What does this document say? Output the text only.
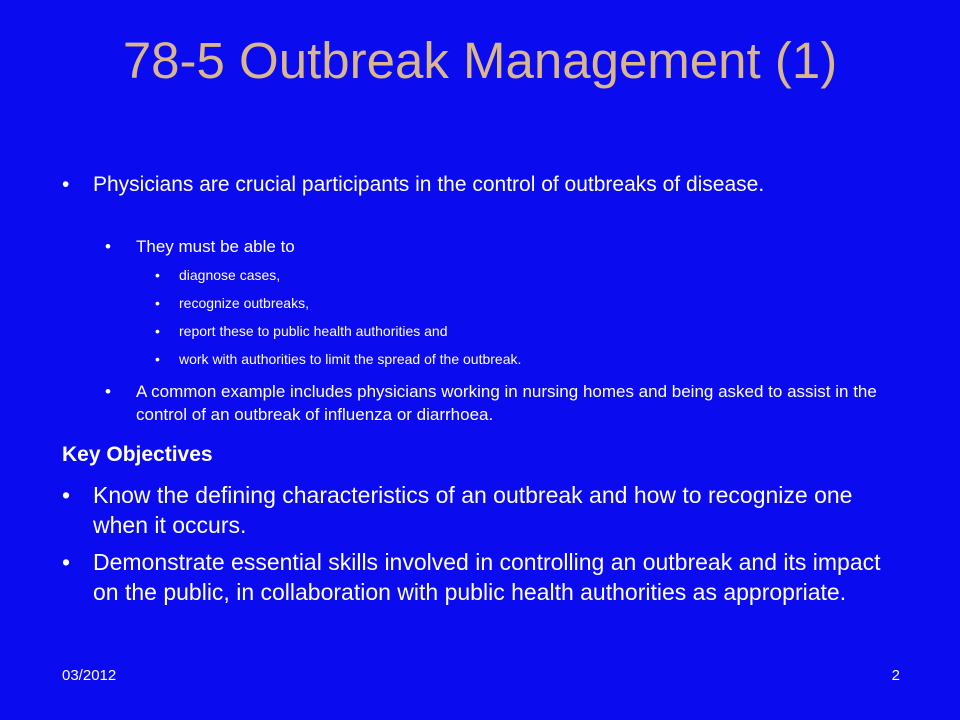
78-5 Outbreak Management (1)
•	Physicians are crucial participants in the control of outbreaks of disease.
•	They must be able to
•	diagnose cases,
•	recognize outbreaks,
•	report these to public health authorities and
•	work with authorities to limit the spread of the outbreak.
•	A common example includes physicians working in nursing homes and being asked to assist in the control of an outbreak of influenza or diarrhoea.
Key Objectives
• Know the defining characteristics of an outbreak and how to recognize one when it occurs.
• Demonstrate essential skills involved in controlling an outbreak and its impact on the public, in collaboration with public health authorities as appropriate.
03/2012	2
